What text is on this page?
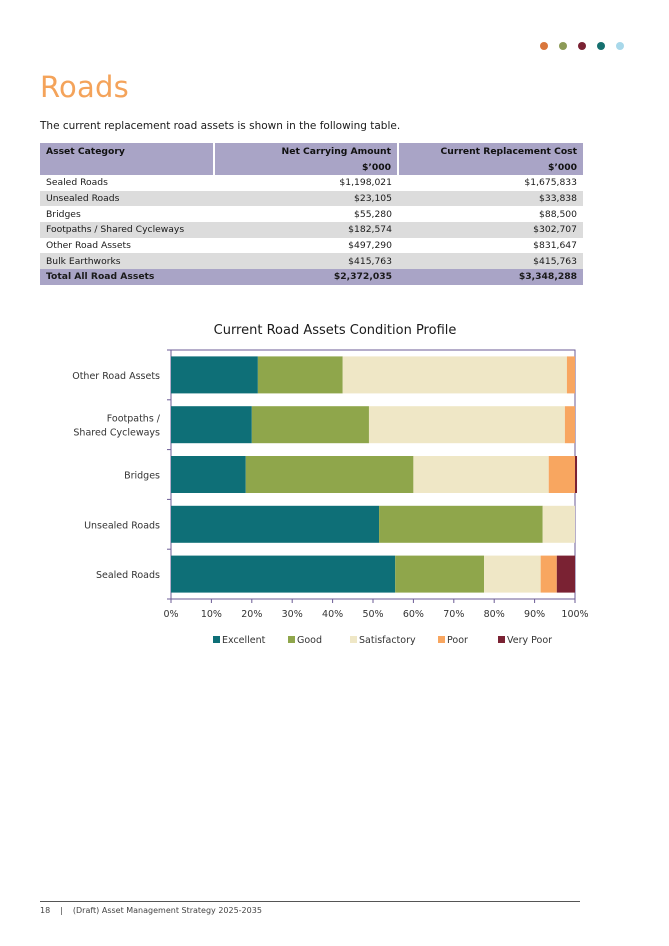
Roads

The current replacement road assets is shown in the following table.

Asset Category	Net Carrying Amount	Current Replacement Cost
	$’000	$’000
Sealed Roads	$1,198,021	$1,675,833
Unsealed Roads	$23,105	$33,838
Bridges	$55,280	$88,500
Footpaths / Shared Cycleways	$182,574	$302,707
Other Road Assets	$497,290	$831,647
Bulk Earthworks	$415,763	$415,763
Total All Road Assets	$2,372,035	$3,348,288
Current Road Assets Condition Profile
Other Road Assets
Footpaths / Shared Cycleways
Bridges
Unsealed Roads
Sealed Roads
0% 10% 20% 30% 40% 50% 60% 70% 80% 90% 100%
Excellent	Good	Satisfactory	Poor	Very Poor
18 | (Draft) Asset Management Strategy 2025-2035
